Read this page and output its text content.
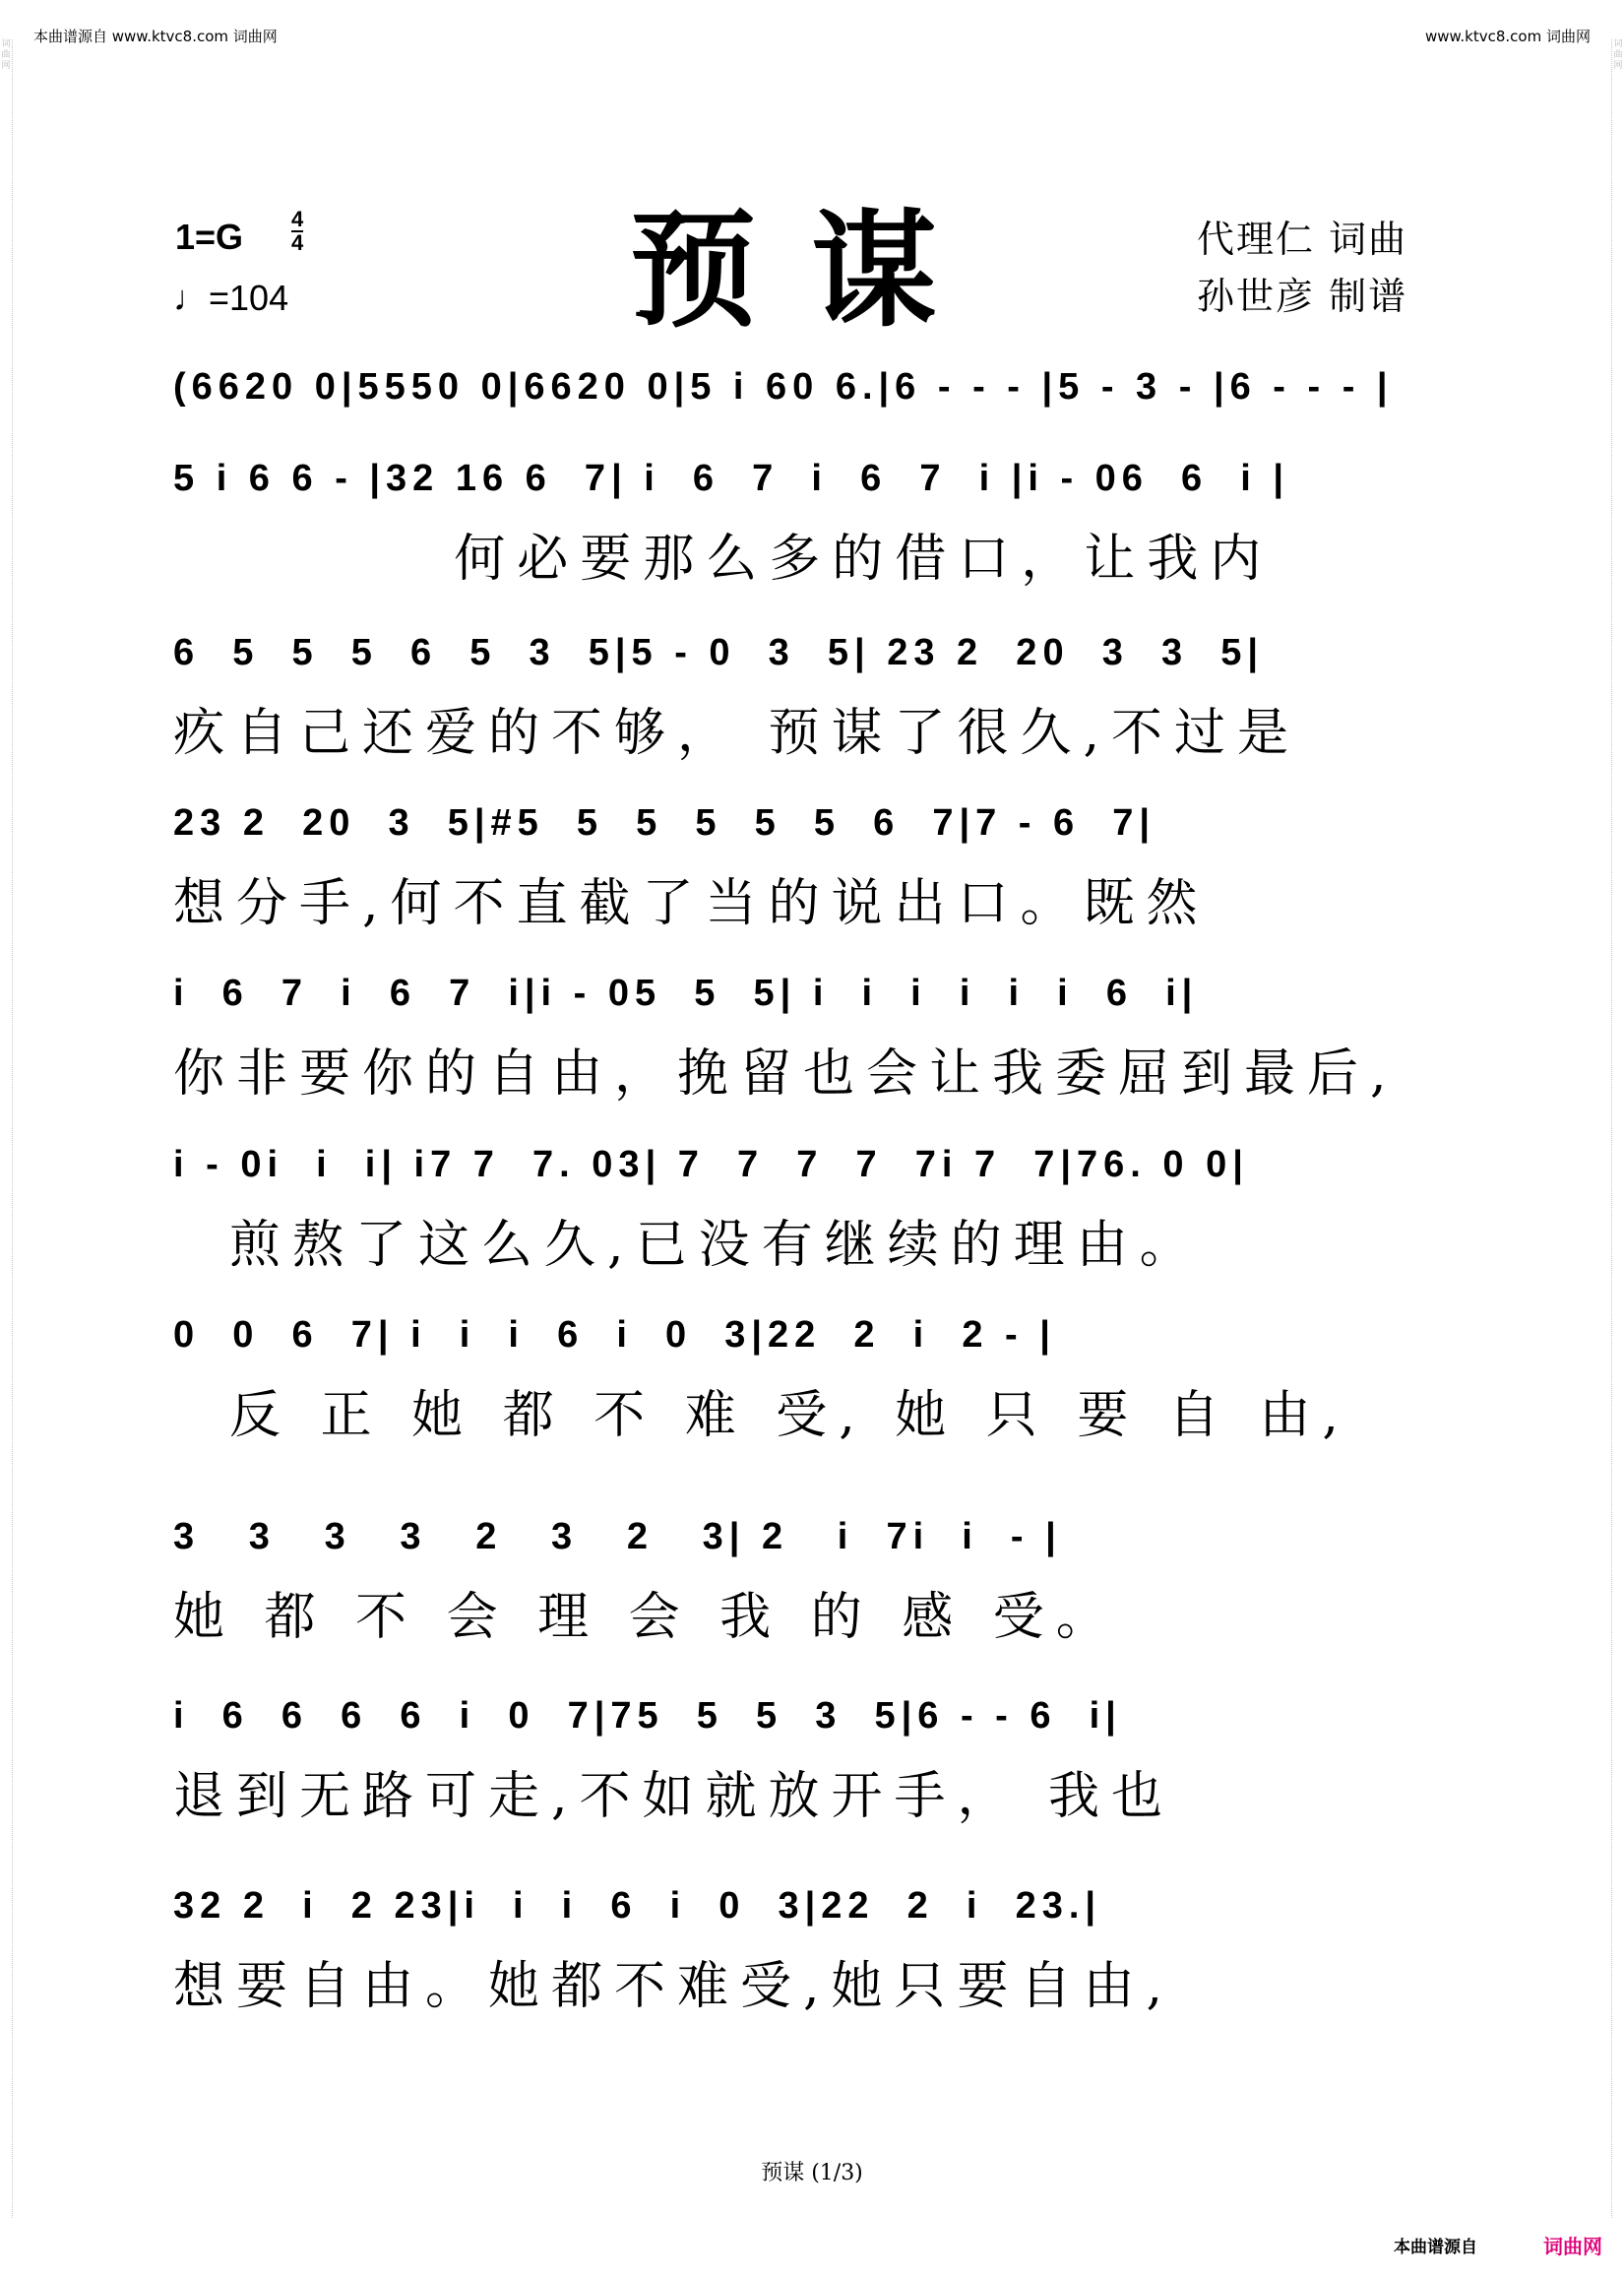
本曲谱源自 www.ktvc8.com 词曲网	www.ktvc8.com 词曲网
词曲网
词曲网
1=G 4
4
♩=104	预谋	代理仁 词曲
孙世彦 制谱
(6620 0|5550 0|6620 0|5 i 60 6.|6 - - - |5 - 3 - |6 - - - |
5 i 6 6 - |32 16 6  7| i  6  7  i  6  7  i |i - 06  6  i |
何必要那么多的借口，让我内
6  5  5  5  6  5  3  5|5 - 0  3  5| 23 2  20  3  3  5|
疚自己还爱的不够， 预谋了很久,不过是
23 2  20  3  5|#5  5  5  5  5  5  6  7|7 - 6  7|
想分手,何不直截了当的说出口。既然
i  6  7  i  6  7  i|i - 05  5  5| i  i  i  i  i  i  6  i|
你非要你的自由，挽留也会让我委屈到最后,
i - 0i  i  i| i7 7  7. 03| 7  7  7  7  7i 7  7|76. 0 0|
煎熬了这么久,已没有继续的理由。
0  0  6  7| i  i  i  6  i  0  3|22  2  i  2 - |
反 正 她 都 不 难 受, 她 只 要 自 由,
3   3   3   3   2   3   2   3| 2   i  7i  i  - |
她 都 不 会 理 会 我 的 感 受。
i  6  6  6  6  i  0  7|75  5  5  3  5|6 - - 6  i|
退到无路可走,不如就放开手， 我也
32 2  i  2 23|i  i  i  6  i  0  3|22  2  i  23.|
想要自由。她都不难受,她只要自由,
预谋 (1/3)
本曲谱源自	词曲网
